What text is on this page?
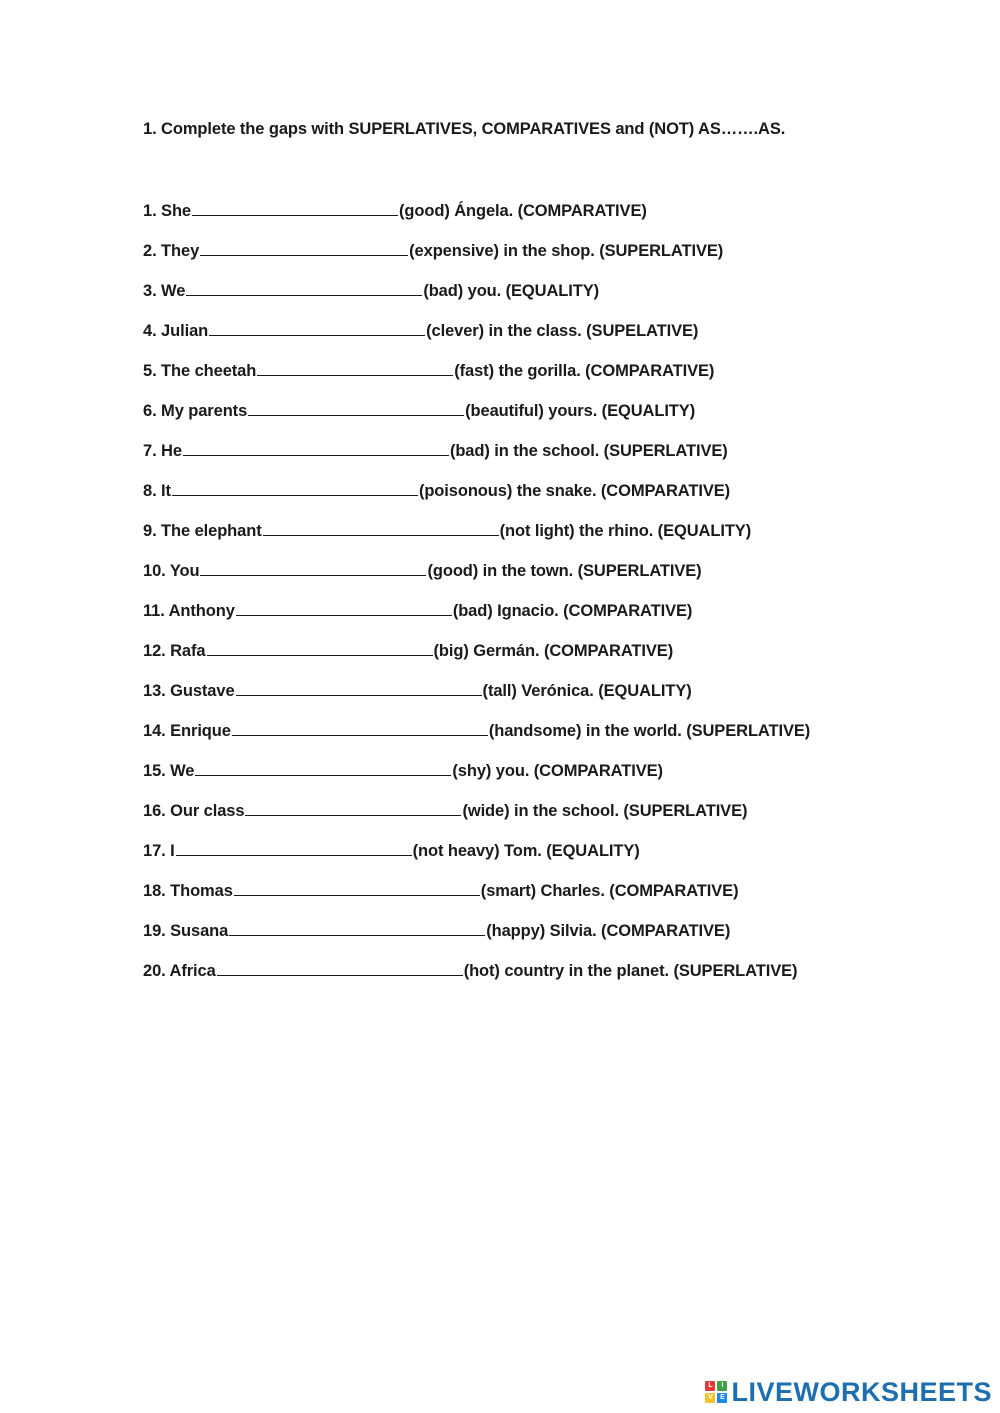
1. Complete the gaps with SUPERLATIVES, COMPARATIVES and (NOT) AS…….AS.
1. She	(good) Ángela. (COMPARATIVE)
2. They	(expensive) in the shop. (SUPERLATIVE)
3. We	(bad) you. (EQUALITY)
4. Julian	(clever) in the class. (SUPELATIVE)
5. The cheetah	(fast) the gorilla. (COMPARATIVE)
6. My parents	(beautiful) yours. (EQUALITY)
7. He	(bad) in the school. (SUPERLATIVE)
8. It	(poisonous) the snake. (COMPARATIVE)
9. The elephant	(not light) the rhino. (EQUALITY)
10. You	(good) in the town. (SUPERLATIVE)
11. Anthony	(bad) Ignacio. (COMPARATIVE)
12. Rafa	(big) Germán. (COMPARATIVE)
13. Gustave	(tall) Verónica. (EQUALITY)
14. Enrique	(handsome) in the world. (SUPERLATIVE)
15. We	(shy) you. (COMPARATIVE)
16. Our class	(wide) in the school. (SUPERLATIVE)
17. I	(not heavy) Tom. (EQUALITY)
18. Thomas	(smart) Charles. (COMPARATIVE)
19. Susana	(happy) Silvia. (COMPARATIVE)
20. Africa	(hot) country in the planet. (SUPERLATIVE)
L	I
V	E LIVEWORKSHEETS
